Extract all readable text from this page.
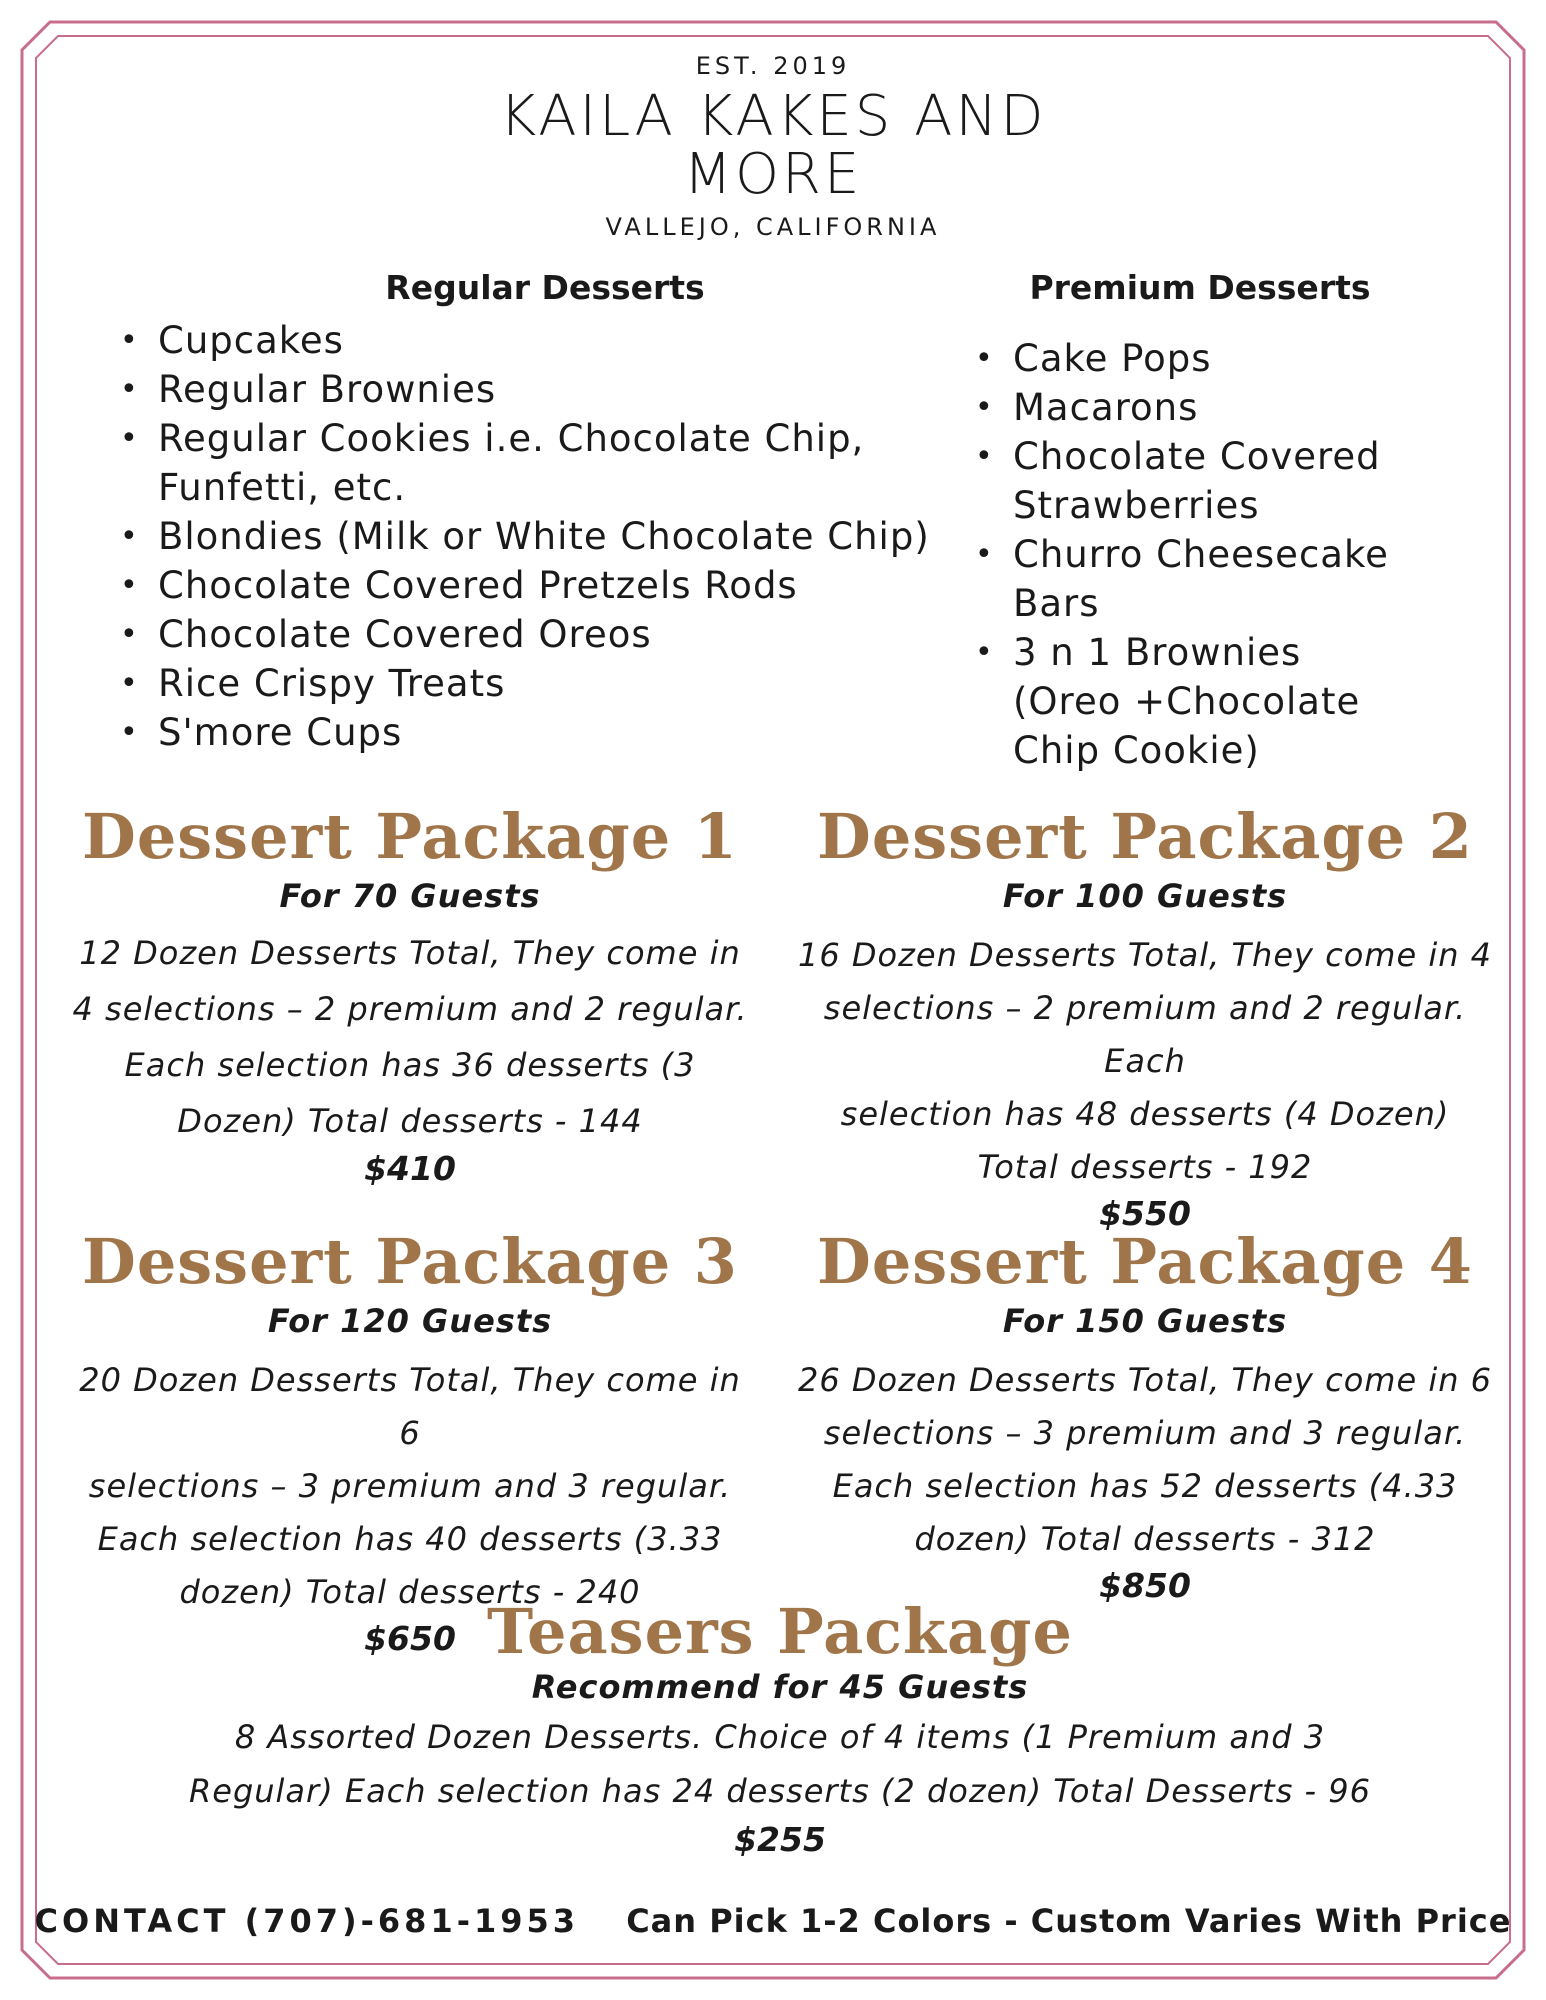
EST. 2019
KAILA KAKES AND
MORE
VALLEJO, CALIFORNIA
Regular Desserts
• Cupcakes
• Regular Brownies
• Regular Cookies i.e. Chocolate Chip, Funfetti, etc.
• Blondies (Milk or White Chocolate Chip)
• Chocolate Covered Pretzels Rods
• Chocolate Covered Oreos
• Rice Crispy Treats
• S'more Cups
Premium Desserts
• Cake Pops
• Macarons
• Chocolate Covered Strawberries
• Churro Cheesecake Bars
• 3 n 1 Brownies (Oreo +Chocolate Chip Cookie)
Dessert Package 1
For 70 Guests
12 Dozen Desserts Total, They come in
4 selections – 2 premium and 2 regular.
Each selection has 36 desserts (3
Dozen) Total desserts - 144
$410
Dessert Package 2
For 100 Guests
16 Dozen Desserts Total, They come in 4
selections – 2 premium and 2 regular. Each
selection has 48 desserts (4 Dozen)
Total desserts - 192
$550
Dessert Package 3
For 120 Guests
20 Dozen Desserts Total, They come in 6
selections – 3 premium and 3 regular.
Each selection has 40 desserts (3.33
dozen) Total desserts - 240
$650
Dessert Package 4
For 150 Guests
26 Dozen Desserts Total, They come in 6
selections – 3 premium and 3 regular.
Each selection has 52 desserts (4.33
dozen) Total desserts - 312
$850
Teasers Package
Recommend for 45 Guests
8 Assorted Dozen Desserts. Choice of 4 items (1 Premium and 3
Regular) Each selection has 24 desserts (2 dozen) Total Desserts - 96
$255
CONTACT (707)-681-1953 Can Pick 1-2 Colors - Custom Varies With Price
